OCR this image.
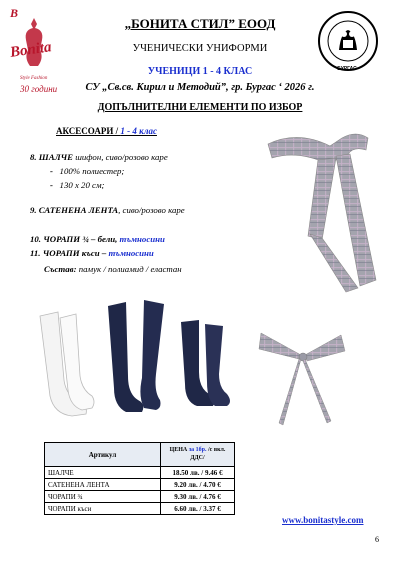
B
Bonita
Style Fashion
30 години
БУРГАС
„БОНИТА СТИЛ” ЕООД
УЧЕНИЧЕСКИ УНИФОРМИ
УЧЕНИЦИ 1 - 4 КЛАС
СУ „Св.св. Кирил и Методий”, гр. Бургас ‘ 2026 г.
ДОПЪЛНИТЕЛНИ ЕЛЕМЕНТИ ПО ИЗБОР
АКСЕСОАРИ / 1 - 4 клас
8. ШАЛЧЕ шифон, сиво/розово каре
- 100% полиестер;
- 130 х 20 см;
9. САТЕНЕНА ЛЕНТА, сиво/розово каре
10. ЧОРАПИ ¾ – бели, тъмносини
11. ЧОРАПИ къси – тъмносини
Състав: памук / полиамид / еластан
Артикул	ЦЕНА за 1бр. /с вкл. ДДС/
ШАЛЧЕ	18.50 лв. / 9.46 €
САТЕНЕНА ЛЕНТА	9.20 лв. / 4.70 €
ЧОРАПИ ¾	9.30 лв. / 4.76 €
ЧОРАПИ къси	6.60 лв. / 3.37 €
www.bonitastyle.com
6
